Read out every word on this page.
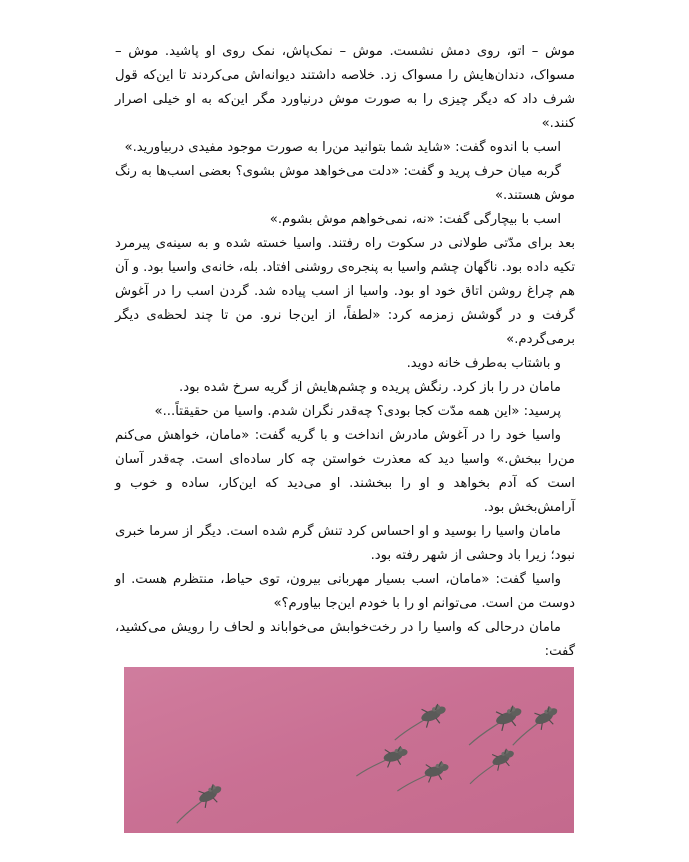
موش – اتو، روی دمش نشست. موش – نمک‌پاش، نمک روی او پاشید. موش – مسواک، دندان‌هایش را مسواک زد. خلاصه داشتند دیوانه‌اش می‌کردند تا این‌که قول شرف داد که دیگر چیزی را به صورت موش درنیاورد مگر این‌که به او خیلی اصرار کنند.»

اسب با اندوه گفت: «شاید شما بتوانید من‌را به صورت موجود مفیدی دربیاورید.»

گربه میان حرف پرید و گفت: «دلت می‌خواهد موش بشوی؟ بعضی اسب‌ها به رنگ موش هستند.»

اسب با بیچارگی گفت: «نه، نمی‌خواهم موش بشوم.»

بعد برای مدّتی طولانی در سکوت راه رفتند. واسیا خسته شده و به سینه‌ی پیرمرد تکیه داده بود. ناگهان چشم واسیا به پنجره‌ی روشنی افتاد. بله، خانه‌ی واسیا بود. و آن هم چراغ روشن اتاق خود او بود. واسیا از اسب پیاده شد. گردن اسب را در آغوش گرفت و در گوشش زمزمه کرد: «لطفاً، از این‌جا نرو. من تا چند لحظه‌ی دیگر برمی‌گردم.»

و باشتاب به‌طرف خانه دوید.

مامان در را باز کرد. رنگش پریده و چشم‌هایش از گریه سرخ شده بود.

پرسید: «این همه مدّت کجا بودی؟ چه‌قدر نگران شدم. واسیا من حقیقتاً...»

واسیا خود را در آغوش مادرش انداخت و با گریه گفت: «مامان، خواهش می‌کنم من‌را ببخش.» واسیا دید که معذرت خواستن چه کار ساده‌ای است. چه‌قدر آسان است که آدم بخواهد و او را ببخشند. او می‌دید که این‌کار، ساده و خوب و آرامش‌بخش بود.

مامان واسیا را بوسید و او احساس کرد تنش گرم شده است. دیگر از سرما خبری نبود؛ زیرا باد وحشی از شهر رفته بود.

واسیا گفت: «مامان، اسب بسیار مهربانی بیرون، توی حیاط، منتظرم هست. او دوست من است. می‌توانم او را با خودم این‌جا بیاورم؟»

مامان درحالی که واسیا را در رخت‌خوابش می‌خواباند و لحاف را رویش می‌کشید، گفت:
